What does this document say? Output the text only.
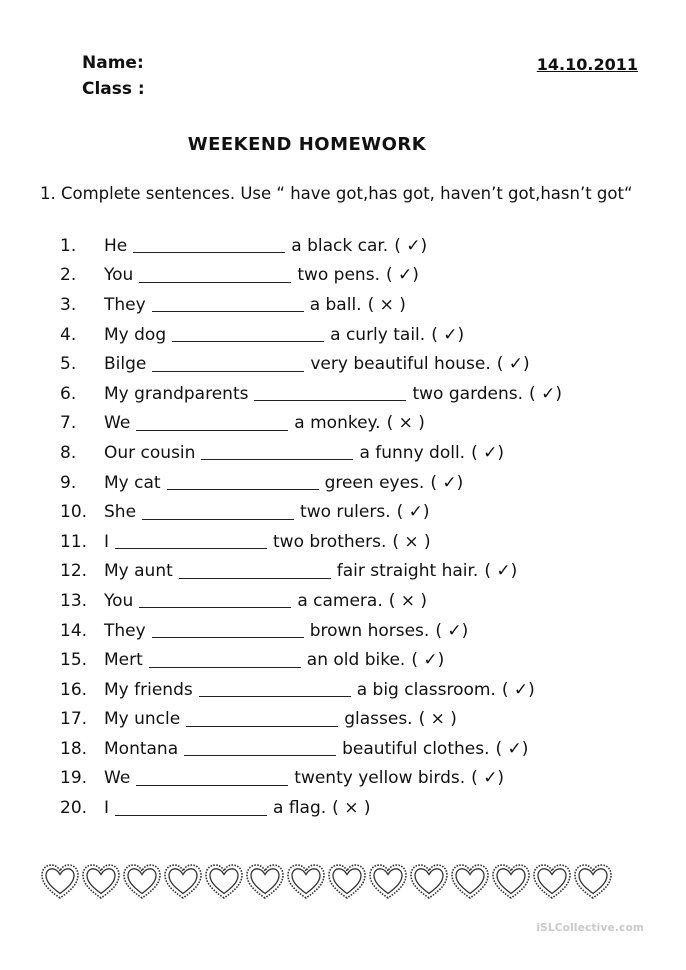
Name:
Class :
14.10.2011
WEEKEND HOMEWORK
1. Complete sentences. Use “ have got,has got, haven’t got,hasn’t got“
1.	He	a black car. ( ✓)
2.	You	two pens. ( ✓)
3.	They	a ball. ( × )
4.	My dog	a curly tail. ( ✓)
5.	Bilge	very beautiful house. ( ✓)
6.	My grandparents	two gardens. ( ✓)
7.	We	a monkey. ( × )
8.	Our cousin	a funny doll. ( ✓)
9.	My cat	green eyes. ( ✓)
10. She	two rulers. ( ✓)
11. I	two brothers. ( × )
12. My aunt	fair straight hair. ( ✓)
13. You	a camera. ( × )
14. They	brown horses. ( ✓)
15. Mert	an old bike. ( ✓)
16. My friends	a big classroom. ( ✓)
17. My uncle	glasses. ( × )
18. Montana	beautiful clothes. ( ✓)
19. We	twenty yellow birds. ( ✓)
20. I	a flag. ( × )
iSLCollective.com
